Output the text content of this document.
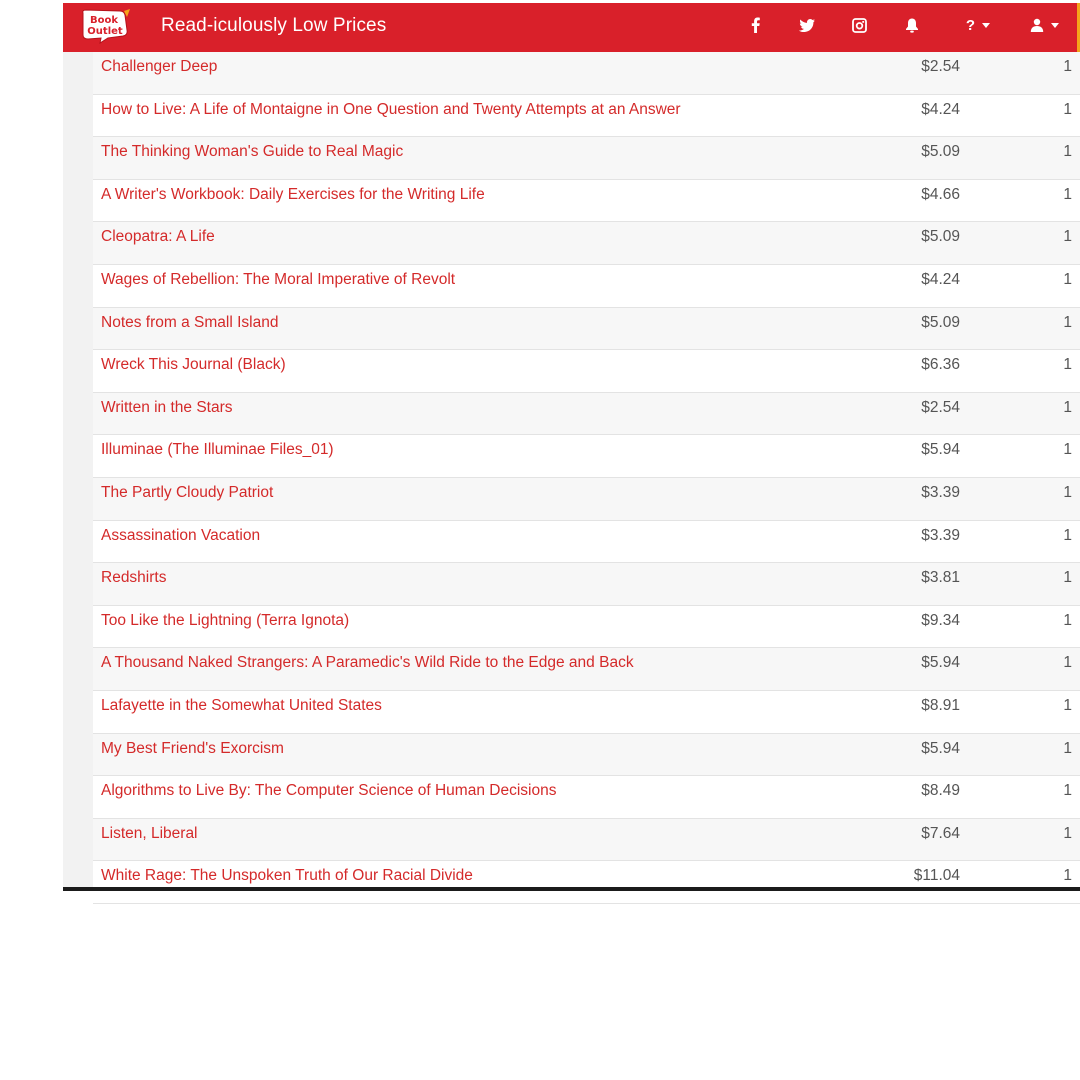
Book
Outlet Read-iculously Low Prices	?
Challenger Deep	$2.54	1
How to Live: A Life of Montaigne in One Question and Twenty Attempts at an Answer	$4.24	1
The Thinking Woman's Guide to Real Magic	$5.09	1
A Writer's Workbook: Daily Exercises for the Writing Life	$4.66	1
Cleopatra: A Life	$5.09	1
Wages of Rebellion: The Moral Imperative of Revolt	$4.24	1
Notes from a Small Island	$5.09	1
Wreck This Journal (Black)	$6.36	1
Written in the Stars	$2.54	1
Illuminae (The Illuminae Files_01)	$5.94	1
The Partly Cloudy Patriot	$3.39	1
Assassination Vacation	$3.39	1
Redshirts	$3.81	1
Too Like the Lightning (Terra Ignota)	$9.34	1
A Thousand Naked Strangers: A Paramedic's Wild Ride to the Edge and Back	$5.94	1
Lafayette in the Somewhat United States	$8.91	1
My Best Friend's Exorcism	$5.94	1
Algorithms to Live By: The Computer Science of Human Decisions	$8.49	1
Listen, Liberal	$7.64	1
White Rage: The Unspoken Truth of Our Racial Divide	$11.04	1
